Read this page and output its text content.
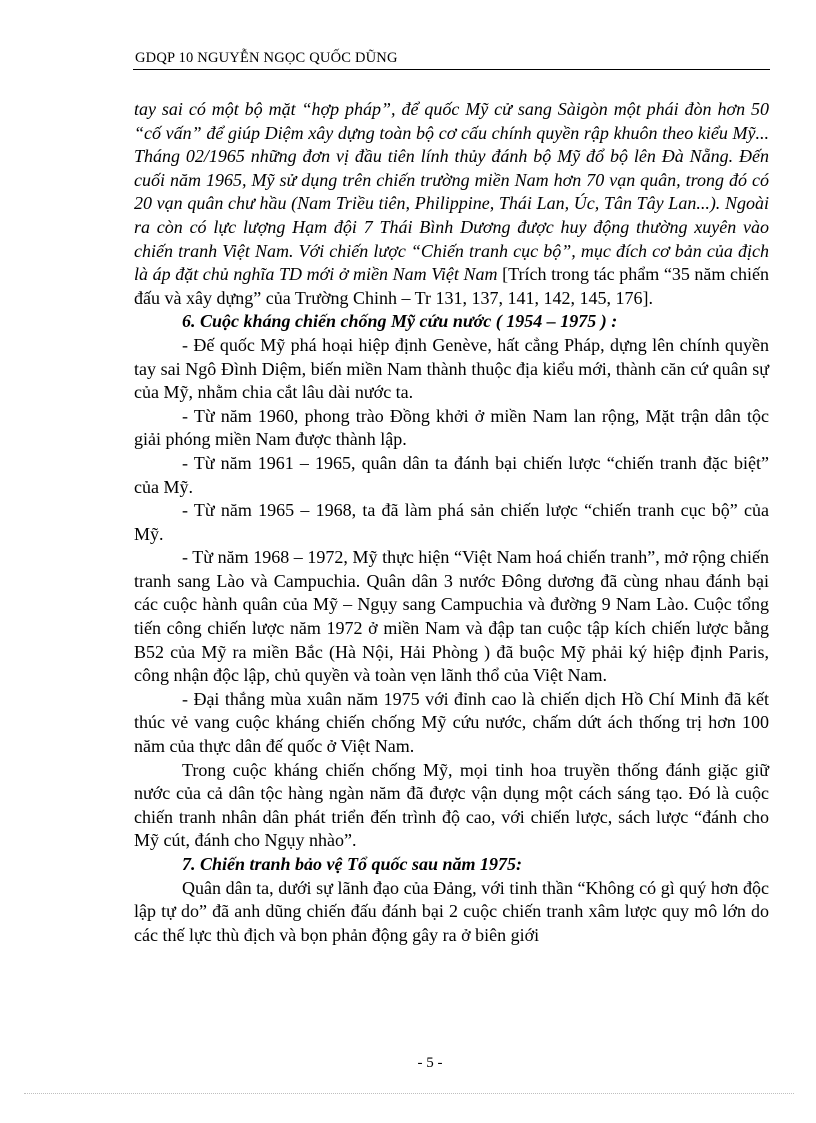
GDQP 10 NGUYỄN NGỌC QUỐC DŨNG

tay sai có một bộ mặt “hợp pháp”, để quốc Mỹ cử sang Sàigòn một phái đòn hơn 50 “cố vấn” để giúp Diệm xây dựng toàn bộ cơ cấu chính quyền rập khuôn theo kiểu Mỹ... Tháng 02/1965 những đơn vị đầu tiên lính thủy đánh bộ Mỹ đổ bộ lên Đà Nẵng. Đến cuối năm 1965, Mỹ sử dụng trên chiến trường miền Nam hơn 70 vạn quân, trong đó có 20 vạn quân chư hầu (Nam Triều tiên, Philippine, Thái Lan, Úc, Tân Tây Lan...). Ngoài ra còn có lực lượng Hạm đội 7 Thái Bình Dương được huy động thường xuyên vào chiến tranh Việt Nam. Với chiến lược “Chiến tranh cục bộ”, mục đích cơ bản của địch là áp đặt chủ nghĩa TD mới ở miền Nam Việt Nam [Trích trong tác phẩm “35 năm chiến đấu và xây dựng” của Trường Chinh – Tr 131, 137, 141, 142, 145, 176].

6. Cuộc kháng chiến chống Mỹ cứu nước ( 1954 – 1975 ) :

- Đế quốc Mỹ phá hoại hiệp định Genève, hất cẳng Pháp, dựng lên chính quyền tay sai Ngô Đình Diệm, biến miền Nam thành thuộc địa kiểu mới, thành căn cứ quân sự của Mỹ, nhằm chia cắt lâu dài nước ta.

- Từ năm 1960, phong trào Đồng khởi ở miền Nam lan rộng, Mặt trận dân tộc giải phóng miền Nam được thành lập.

- Từ năm 1961 – 1965, quân dân ta đánh bại chiến lược “chiến tranh đặc biệt” của Mỹ.

- Từ năm 1965 – 1968, ta đã làm phá sản chiến lược “chiến tranh cục bộ” của Mỹ.

- Từ năm 1968 – 1972, Mỹ thực hiện “Việt Nam hoá chiến tranh”, mở rộng chiến tranh sang Lào và Campuchia. Quân dân 3 nước Đông dương đã cùng nhau đánh bại các cuộc hành quân của Mỹ – Ngụy sang Campuchia và đường 9 Nam Lào. Cuộc tổng tiến công chiến lược năm 1972 ở miền Nam và đập tan cuộc tập kích chiến lược bằng B52 của Mỹ ra miền Bắc (Hà Nội, Hải Phòng ) đã buộc Mỹ phải ký hiệp định Paris, công nhận độc lập, chủ quyền và toàn vẹn lãnh thổ của Việt Nam.

- Đại thắng mùa xuân năm 1975 với đỉnh cao là chiến dịch Hồ Chí Minh đã kết thúc vẻ vang cuộc kháng chiến chống Mỹ cứu nước, chấm dứt ách thống trị hơn 100 năm của thực dân đế quốc ở Việt Nam.

Trong cuộc kháng chiến chống Mỹ, mọi tinh hoa truyền thống đánh giặc giữ nước của cả dân tộc hàng ngàn năm đã được vận dụng một cách sáng tạo. Đó là cuộc chiến tranh nhân dân phát triển đến trình độ cao, với chiến lược, sách lược “đánh cho Mỹ cút, đánh cho Ngụy nhào”.

7. Chiến tranh bảo vệ Tổ quốc sau năm 1975:

Quân dân ta, dưới sự lãnh đạo của Đảng, với tinh thần “Không có gì quý hơn độc lập tự do” đã anh dũng chiến đấu đánh bại 2 cuộc chiến tranh xâm lược quy mô lớn do các thế lực thù địch và bọn phản động gây ra ở biên giới

- 5 -
